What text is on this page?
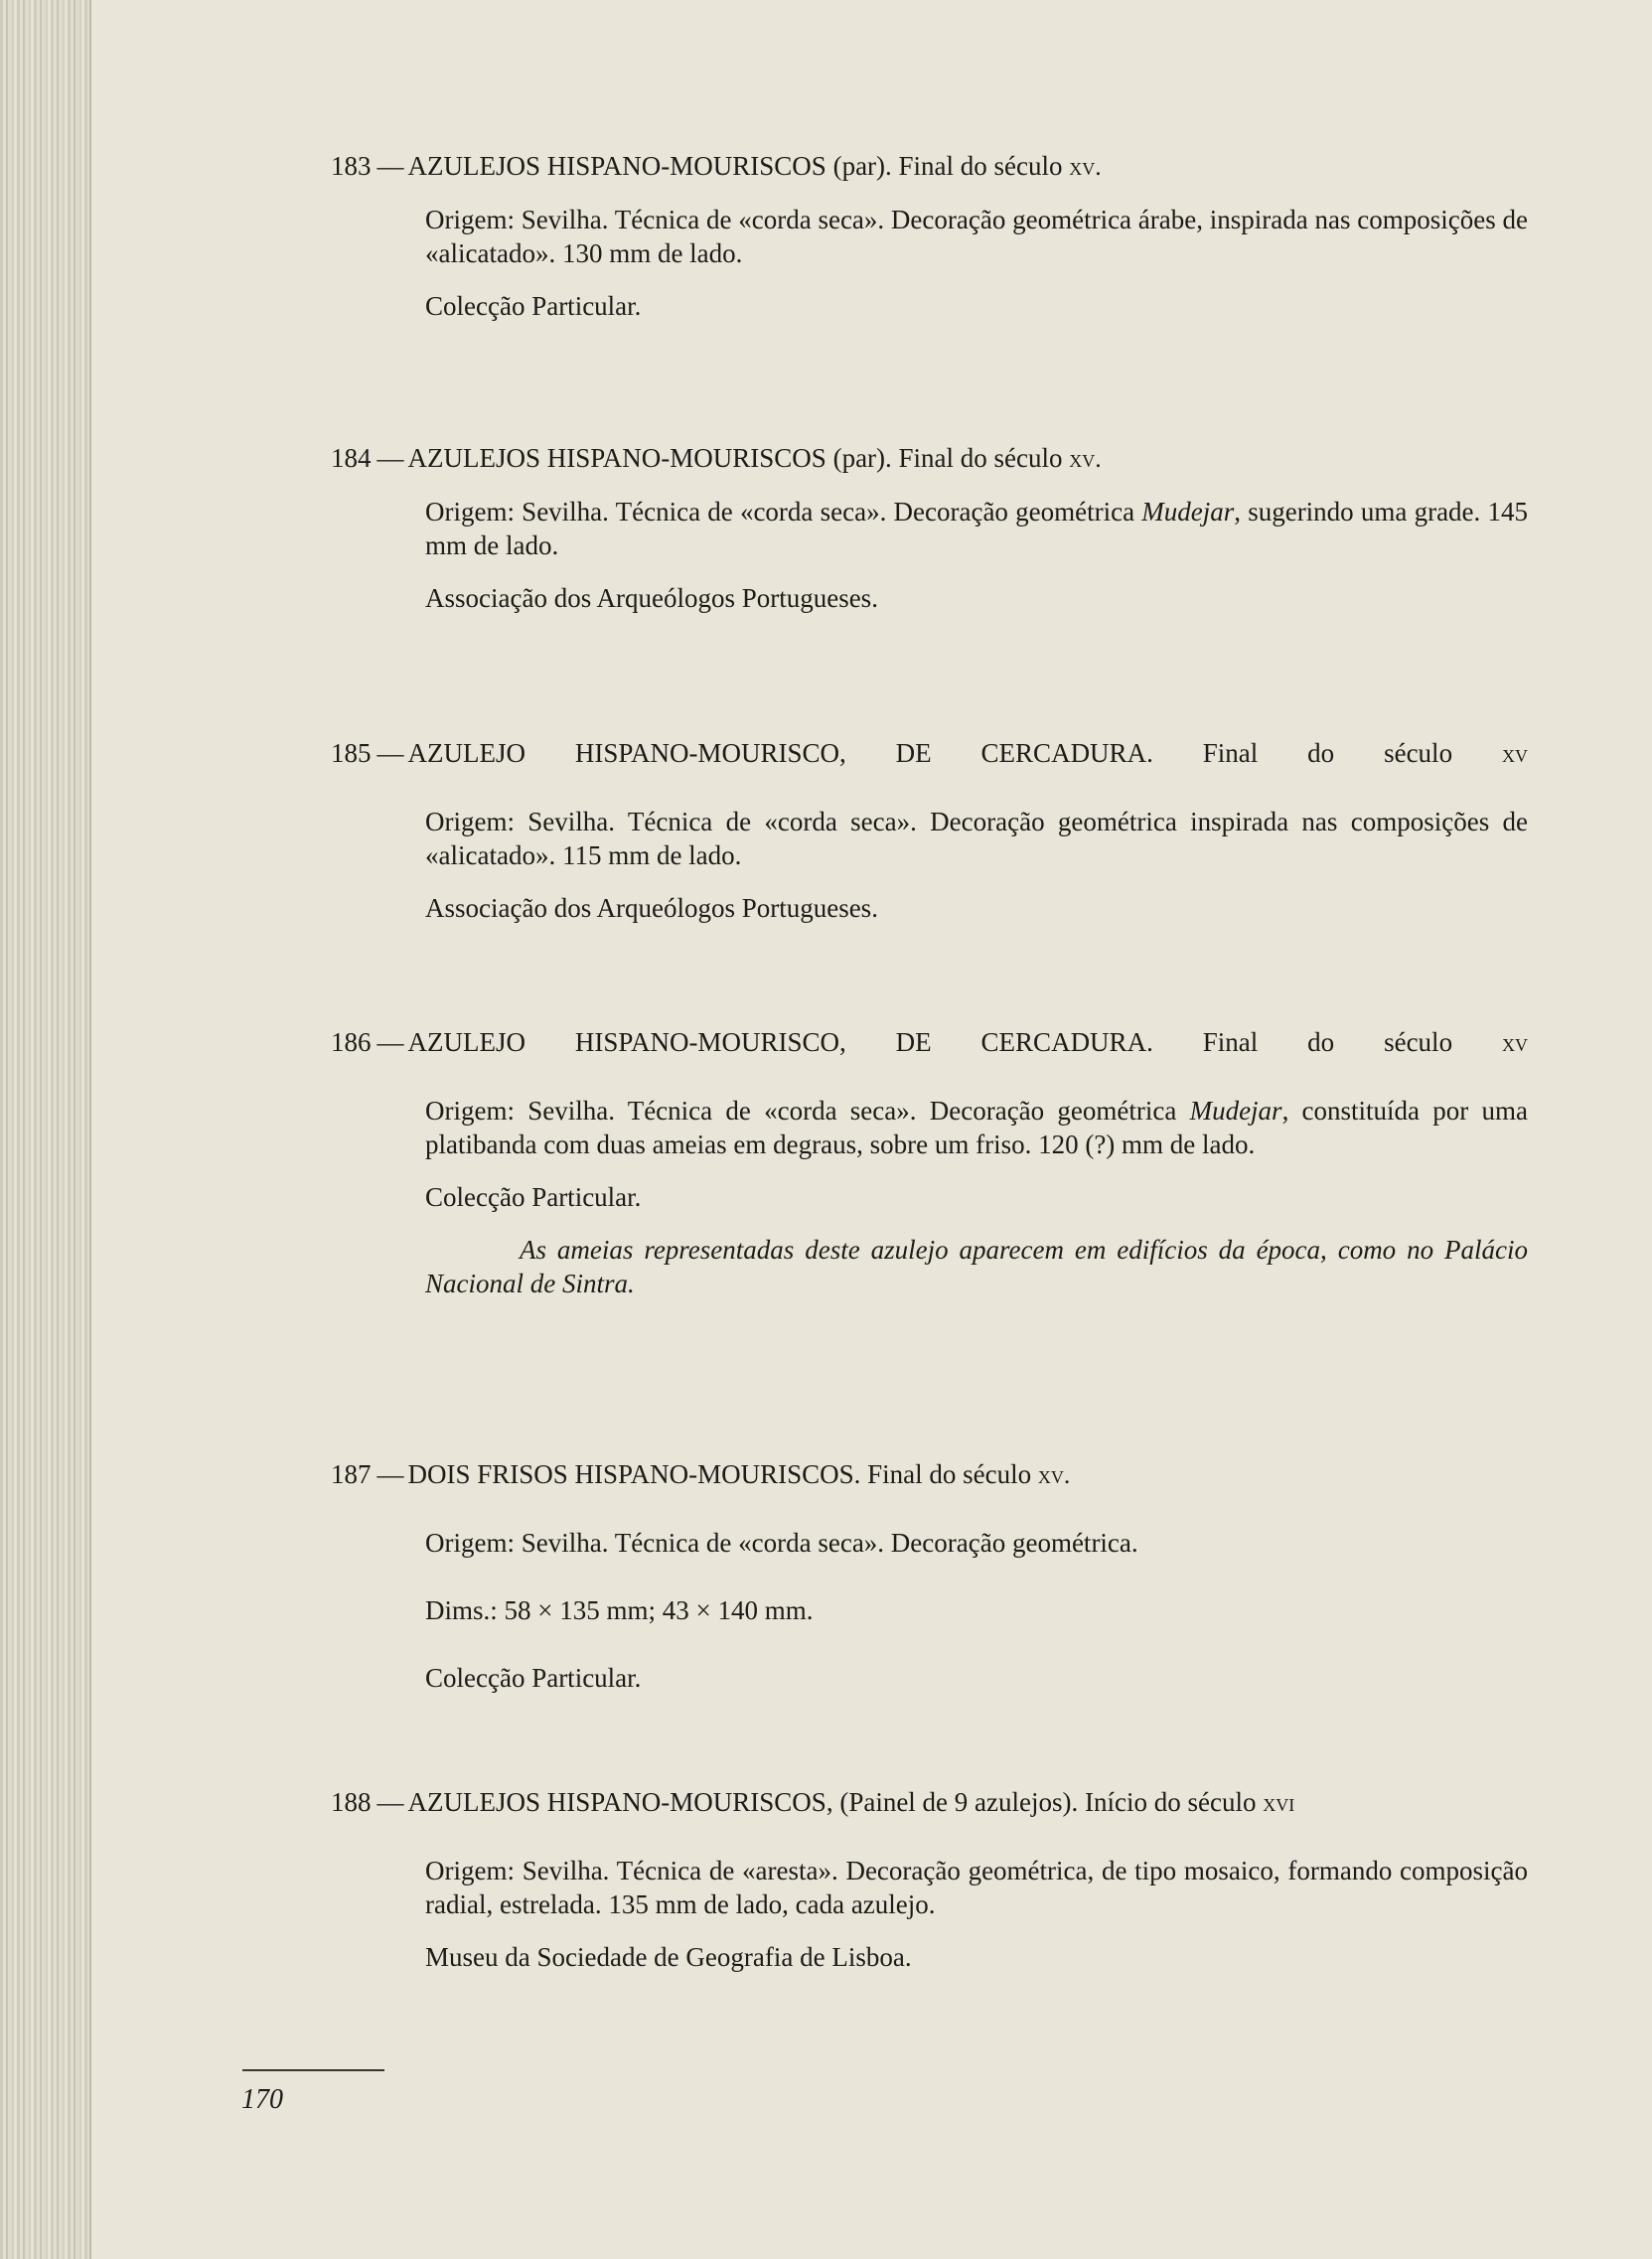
183 — AZULEJOS HISPANO-MOURISCOS (par). Final do século xv.
Origem: Sevilha. Técnica de «corda seca». Decoração geométrica árabe, inspirada nas composições de «alicatado». 130 mm de lado.
Colecção Particular.
184 — AZULEJOS HISPANO-MOURISCOS (par). Final do século xv.
Origem: Sevilha. Técnica de «corda seca». Decoração geométrica Mudejar, sugerindo uma grade. 145 mm de lado.
Associação dos Arqueólogos Portugueses.
185 — AZULEJO HISPANO-MOURISCO, DE CERCADURA. Final do século xv
Origem: Sevilha. Técnica de «corda seca». Decoração geométrica inspirada nas composições de «alicatado». 115 mm de lado.
Associação dos Arqueólogos Portugueses.
186 — AZULEJO HISPANO-MOURISCO, DE CERCADURA. Final do século xv
Origem: Sevilha. Técnica de «corda seca». Decoração geométrica Mudejar, constituída por uma platibanda com duas ameias em degraus, sobre um friso. 120 (?) mm de lado.
Colecção Particular.
As ameias representadas deste azulejo aparecem em edifícios da época, como no Palácio Nacional de Sintra.
187 — DOIS FRISOS HISPANO-MOURISCOS. Final do século xv.
Origem: Sevilha. Técnica de «corda seca». Decoração geométrica.
Dims.: 58 × 135 mm; 43 × 140 mm.
Colecção Particular.
188 — AZULEJOS HISPANO-MOURISCOS, (Painel de 9 azulejos). Início do século xvi
Origem: Sevilha. Técnica de «aresta». Decoração geométrica, de tipo mosaico, formando composição radial, estrelada. 135 mm de lado, cada azulejo.
Museu da Sociedade de Geografia de Lisboa.
170
